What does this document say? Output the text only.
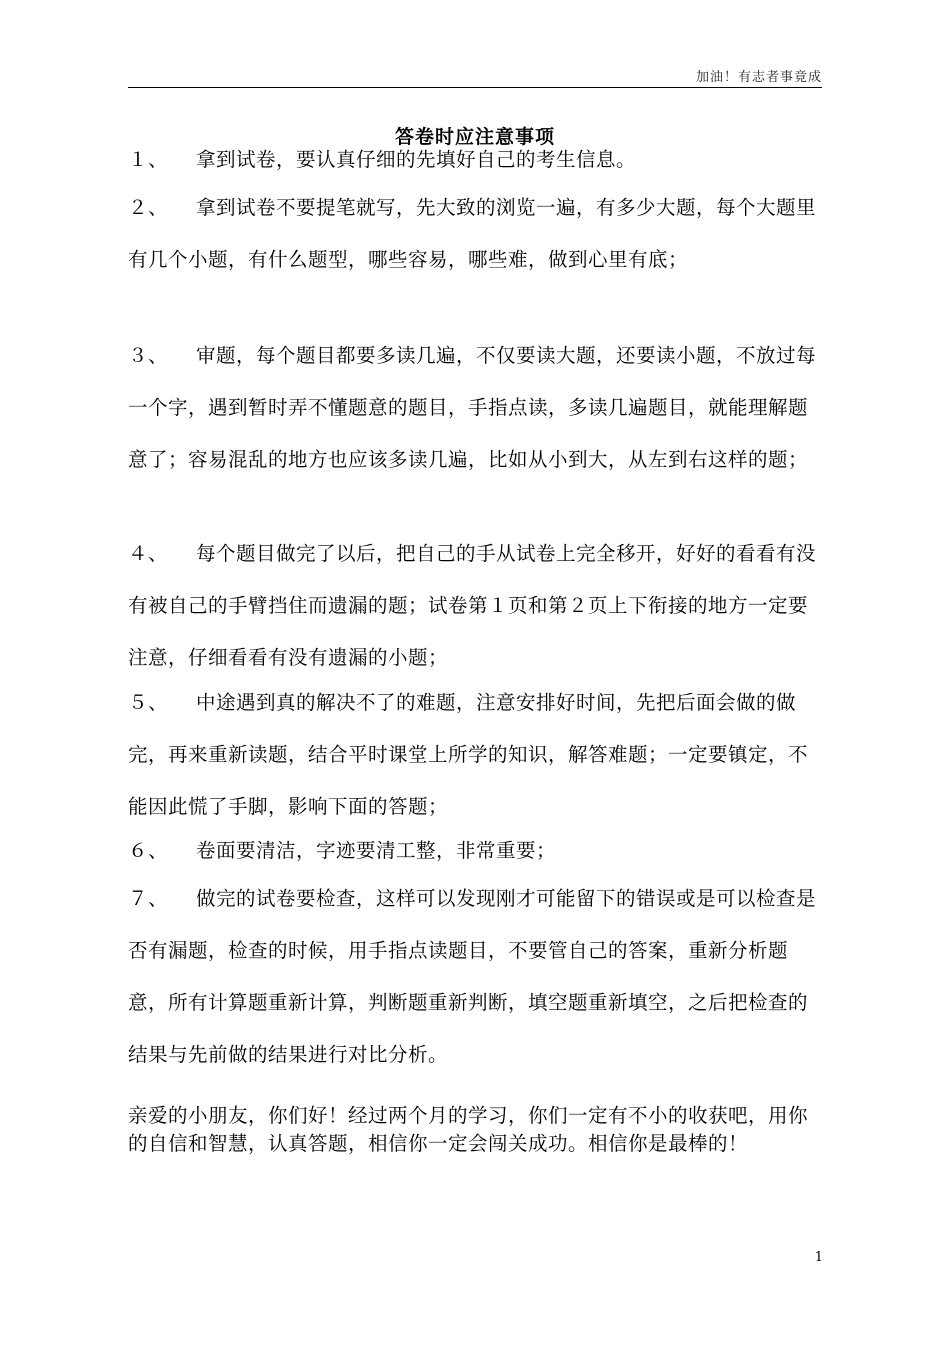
加油！有志者事竟成
答卷时应注意事项
１、 拿到试卷，要认真仔细的先填好自己的考生信息。
２、 拿到试卷不要提笔就写，先大致的浏览一遍，有多少大题，每个大题里有几个小题，有什么题型，哪些容易，哪些难，做到心里有底；
３、 审题，每个题目都要多读几遍，不仅要读大题，还要读小题，不放过每一个字，遇到暂时弄不懂题意的题目，手指点读，多读几遍题目，就能理解题意了；容易混乱的地方也应该多读几遍，比如从小到大，从左到右这样的题；
４、 每个题目做完了以后，把自己的手从试卷上完全移开，好好的看看有没有被自己的手臂挡住而遗漏的题；试卷第１页和第２页上下衔接的地方一定要注意，仔细看看有没有遗漏的小题；
５、 中途遇到真的解决不了的难题，注意安排好时间，先把后面会做的做完，再来重新读题，结合平时课堂上所学的知识，解答难题；一定要镇定，不能因此慌了手脚，影响下面的答题；
６、 卷面要清洁，字迹要清工整，非常重要；
７、 做完的试卷要检查，这样可以发现刚才可能留下的错误或是可以检查是否有漏题，检查的时候，用手指点读题目，不要管自己的答案，重新分析题意，所有计算题重新计算，判断题重新判断，填空题重新填空，之后把检查的结果与先前做的结果进行对比分析。
亲爱的小朋友，你们好！经过两个月的学习，你们一定有不小的收获吧，用你的自信和智慧，认真答题，相信你一定会闯关成功。相信你是最棒的！
1
